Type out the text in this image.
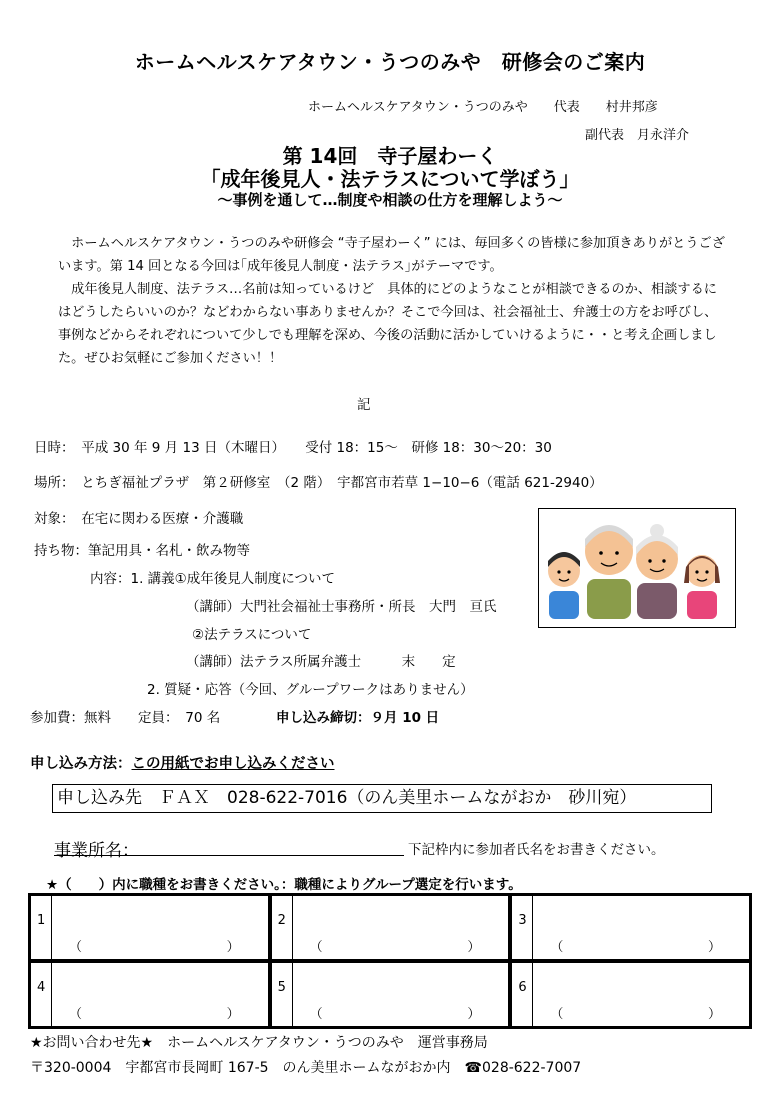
ホームヘルスケアタウン・うつのみや　研修会のご案内
ホームヘルスケアタウン・うつのみや　　代表　　村井邦彦
副代表　月永洋介
第 14回　寺子屋わーく
「成年後見人・法テラスについて学ぼう」
～事例を通して…制度や相談の仕方を理解しよう～

　ホームヘルスケアタウン・うつのみや研修会 “寺子屋わーく” には、毎回多くの皆様に参加頂きありがとうございます。第 14 回となる今回は｢成年後見人制度・法テラス｣がテーマです。

　成年後見人制度、法テラス…名前は知っているけど　具体的にどのようなことが相談できるのか、相談するにはどうしたらいいのか？などわからない事ありませんか？そこで今回は、社会福祉士、弁護士の方をお呼びし、事例などからそれぞれについて少しでも理解を深め、今後の活動に活かしていけるように・・と考え企画しました。ぜひお気軽にご参加ください！！

記
日時：　平成 30 年 9 月 13 日（木曜日）　　受付 18：15～　研修 18：30～20：30
場所：　とちぎ福祉プラザ　第２研修室　（2 階）　宇都宮市若草 1−10−6（電話 621-2940）
対象：　在宅に関わる医療・介護職
持ち物：筆記用具・名札・飲み物等
内容：1. 講義①成年後見人制度について
（講師）大門社会福祉士事務所・所長　大門　亘氏
②法テラスについて
（講師）法テラス所属弁護士　　　末　　定
2. 質疑・応答（今回、グループワークはありません）
参加費：無料　　定員：　70 名	申し込み締切：９月 10 日
申し込み方法：この用紙でお申し込みください
申し込み先　ＦＡＸ　028-622-7016（のん美里ホームながおか　砂川宛）
事業所名：	下記枠内に参加者氏名をお書きください。
★（　　）内に職種をお書きください。：職種によりグループ選定を行います。
1
（	）
2
（	）
3
（	）
4
（	）
5
（	）
6
（	）
★お問い合わせ先★　ホームヘルスケアタウン・うつのみや　運営事務局
〒320-0004　宇都宮市長岡町 167-5　のん美里ホームながおか内　☎028-622-7007
